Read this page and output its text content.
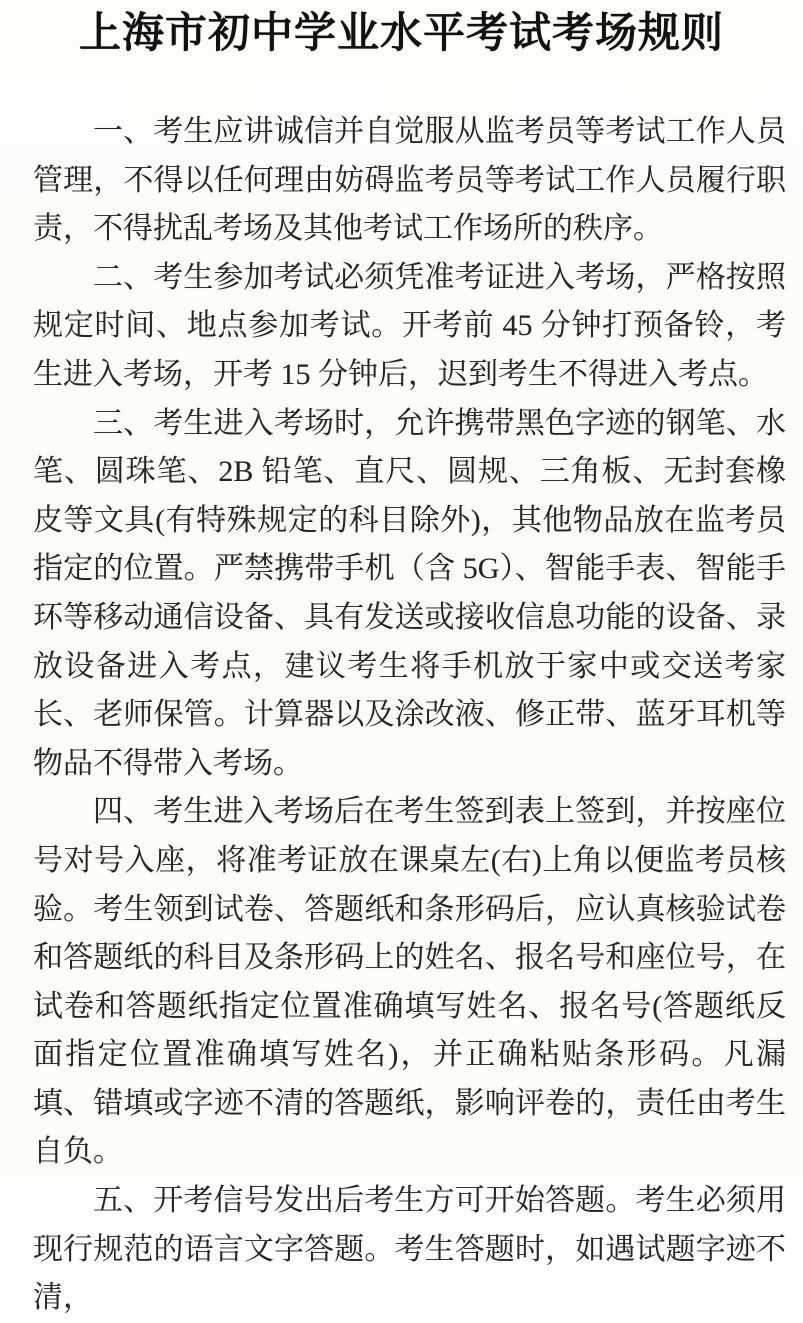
上海市初中学业水平考试考场规则

一、考生应讲诚信并自觉服从监考员等考试工作人员管理，不得以任何理由妨碍监考员等考试工作人员履行职责，不得扰乱考场及其他考试工作场所的秩序。

二、考生参加考试必须凭准考证进入考场，严格按照规定时间、地点参加考试。开考前 45 分钟打预备铃，考生进入考场，开考 15 分钟后，迟到考生不得进入考点。

三、考生进入考场时，允许携带黑色字迹的钢笔、水笔、圆珠笔、2B 铅笔、直尺、圆规、三角板、无封套橡皮等文具(有特殊规定的科目除外)，其他物品放在监考员指定的位置。严禁携带手机（含 5G）、智能手表、智能手环等移动通信设备、具有发送或接收信息功能的设备、录放设备进入考点，建议考生将手机放于家中或交送考家长、老师保管。计算器以及涂改液、修正带、蓝牙耳机等物品不得带入考场。

四、考生进入考场后在考生签到表上签到，并按座位号对号入座，将准考证放在课桌左(右)上角以便监考员核验。考生领到试卷、答题纸和条形码后，应认真核验试卷和答题纸的科目及条形码上的姓名、报名号和座位号，在试卷和答题纸指定位置准确填写姓名、报名号(答题纸反面指定位置准确填写姓名)，并正确粘贴条形码。凡漏填、错填或字迹不清的答题纸，影响评卷的，责任由考生自负。

五、开考信号发出后考生方可开始答题。考生必须用现行规范的语言文字答题。考生答题时，如遇试题字迹不清，
